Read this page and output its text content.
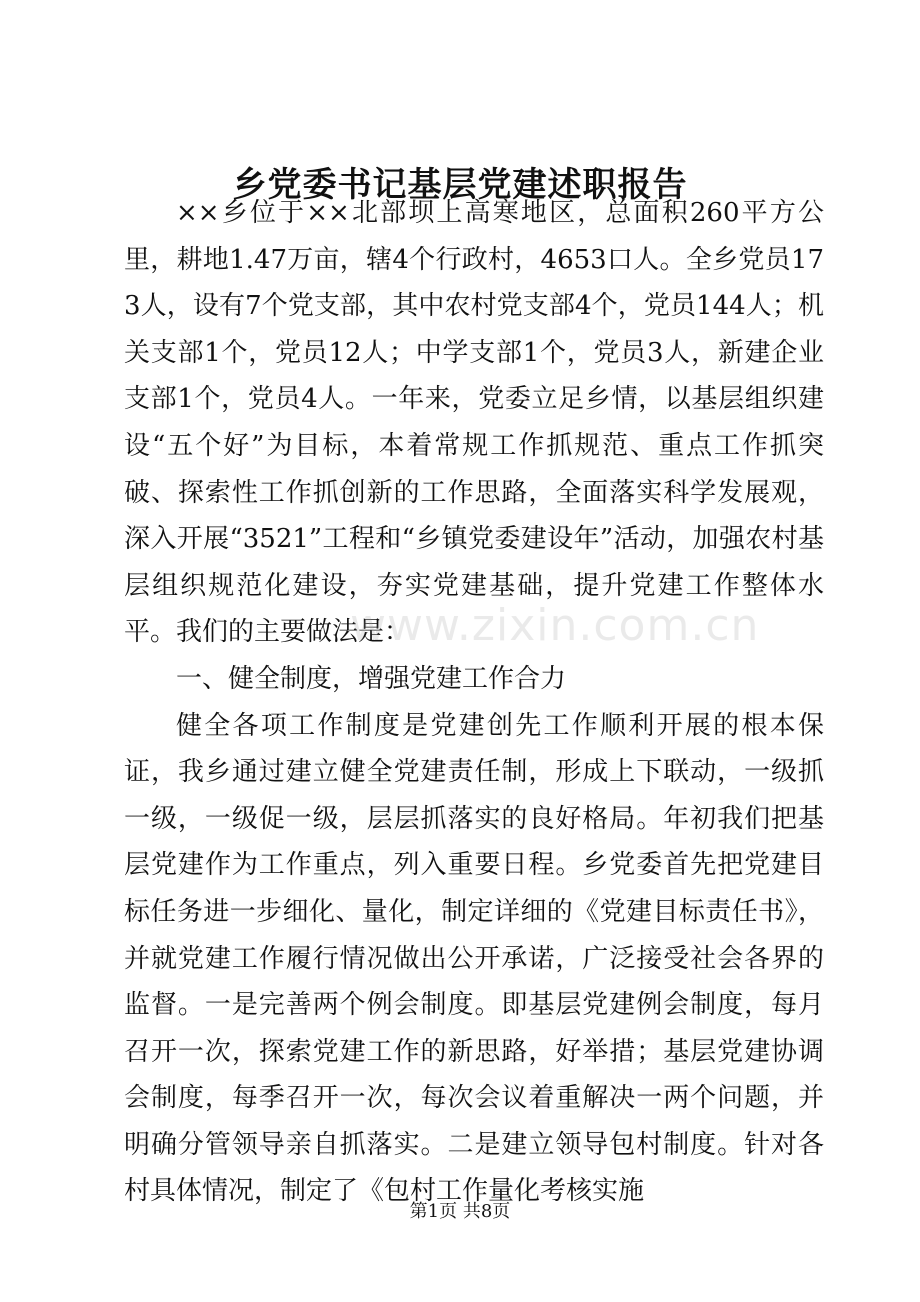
乡党委书记基层党建述职报告

××乡位于××北部坝上高寒地区，总面积260平方公里，耕地1.47万亩，辖4个行政村，4653口人。全乡党员173人，设有7个党支部，其中农村党支部4个，党员144人；机关支部1个，党员12人；中学支部1个，党员3人，新建企业支部1个，党员4人。一年来，党委立足乡情，以基层组织建设“五个好”为目标，本着常规工作抓规范、重点工作抓突破、探索性工作抓创新的工作思路，全面落实科学发展观，深入开展“3521”工程和“乡镇党委建设年”活动，加强农村基层组织规范化建设，夯实党建基础，提升党建工作整体水平。我们的主要做法是：

一、健全制度，增强党建工作合力

健全各项工作制度是党建创先工作顺利开展的根本保证，我乡通过建立健全党建责任制，形成上下联动，一级抓一级，一级促一级，层层抓落实的良好格局。年初我们把基层党建作为工作重点，列入重要日程。乡党委首先把党建目标任务进一步细化、量化，制定详细的《党建目标责任书》，并就党建工作履行情况做出公开承诺，广泛接受社会各界的监督。一是完善两个例会制度。即基层党建例会制度，每月召开一次，探索党建工作的新思路，好举措；基层党建协调会制度，每季召开一次，每次会议着重解决一两个问题，并明确分管领导亲自抓落实。二是建立领导包村制度。针对各村具体情况，制定了《包村工作量化考核实施

www.zixin.com.cn
第1页 共8页
